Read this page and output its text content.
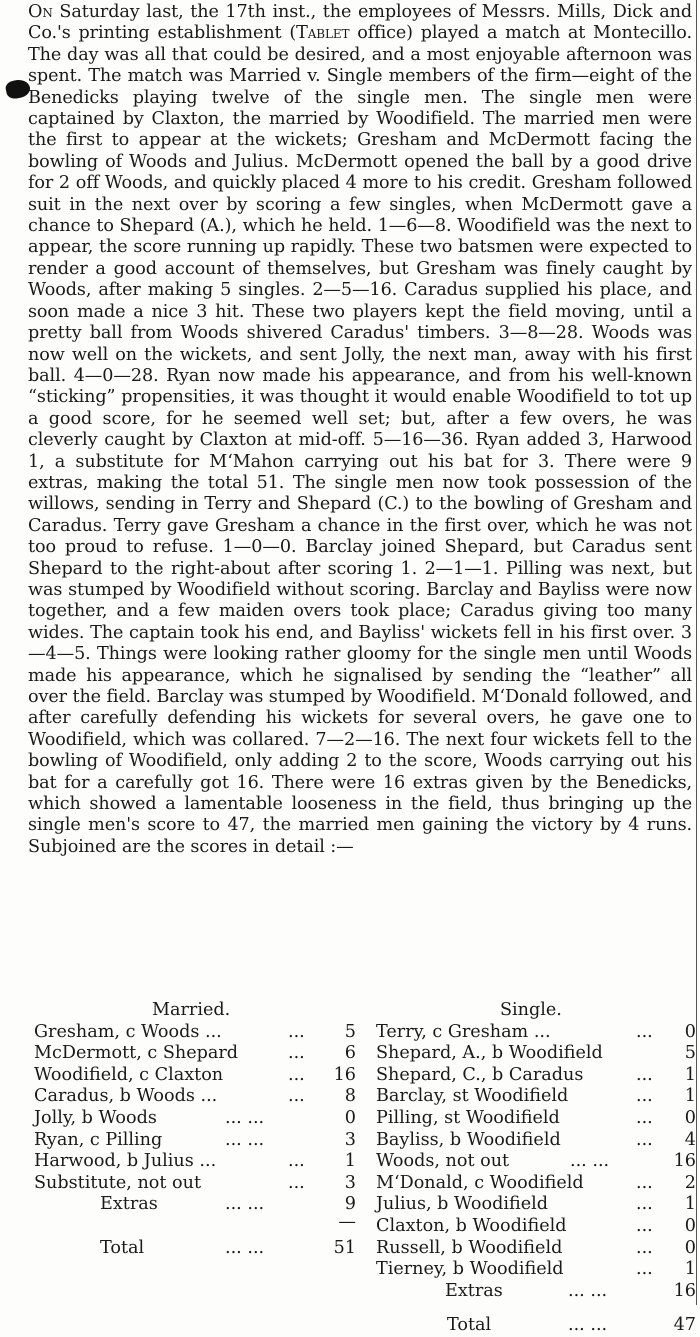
On Saturday last, the 17th inst., the employees of Messrs. Mills, Dick and Co.'s printing establishment (Tablet office) played a match at Montecillo. The day was all that could be desired, and a most enjoyable afternoon was spent. The match was Married v. Single members of the firm—eight of the Benedicks playing twelve of the single men. The single men were captained by Claxton, the married by Woodifield. The married men were the first to appear at the wickets; Gresham and McDermott facing the bowling of Woods and Julius. McDermott opened the ball by a good drive for 2 off Woods, and quickly placed 4 more to his credit. Gresham followed suit in the next over by scoring a few singles, when McDermott gave a chance to Shepard (A.), which he held. 1—6—8. Woodifield was the next to appear, the score running up rapidly. These two batsmen were expected to render a good account of themselves, but Gresham was finely caught by Woods, after making 5 singles. 2—5—16. Caradus supplied his place, and soon made a nice 3 hit. These two players kept the field moving, until a pretty ball from Woods shivered Caradus' timbers. 3—8—28. Woods was now well on the wickets, and sent Jolly, the next man, away with his first ball. 4—0—28. Ryan now made his appearance, and from his well-known “sticking” propensities, it was thought it would enable Woodifield to tot up a good score, for he seemed well set; but, after a few overs, he was cleverly caught by Claxton at mid-off. 5—16—36. Ryan added 3, Harwood 1, a substitute for M‘Mahon carrying out his bat for 3. There were 9 extras, making the total 51. The single men now took possession of the willows, sending in Terry and Shepard (C.) to the bowling of Gresham and Caradus. Terry gave Gresham a chance in the first over, which he was not too proud to refuse. 1—0—0. Barclay joined Shepard, but Caradus sent Shepard to the right-about after scoring 1. 2—1—1. Pilling was next, but was stumped by Woodifield without scoring. Barclay and Bayliss were now together, and a few maiden overs took place; Caradus giving too many wides. The captain took his end, and Bayliss' wickets fell in his first over. 3—4—5. Things were looking rather gloomy for the single men until Woods made his appearance, which he signalised by sending the “leather” all over the field. Barclay was stumped by Woodifield. M‘Donald followed, and after carefully defending his wickets for several overs, he gave one to Woodifield, which was collared. 7—2—16. The next four wickets fell to the bowling of Woodifield, only adding 2 to the score, Woods carrying out his bat for a carefully got 16. There were 16 extras given by the Benedicks, which showed a lamentable looseness in the field, thus bringing up the single men's score to 47, the married men gaining the victory by 4 runs. Subjoined are the scores in detail :—

Married.	Single.
Gresham, c Woods ...	...	5
McDermott, c Shepard	...	6
Woodifield, c Claxton	...	16
Caradus, b Woods ...	...	8
Jolly, b Woods	... ...	0
Ryan, c Pilling	... ...	3
Harwood, b Julius ...	...	1
Substitute, not out	...	3
Extras	... ...	9
—
Total	... ...	51
Terry, c Gresham ...	...	0
Shepard, A., b Woodifield	5
Shepard, C., b Caradus	...	1
Barclay, st Woodifield	...	1
Pilling, st Woodifield	...	0
Bayliss, b Woodifield	...	4
Woods, not out	... ...	16
M‘Donald, c Woodifield	...	2
Julius, b Woodifield	...	1
Claxton, b Woodifield	...	0
Russell, b Woodifield	...	0
Tierney, b Woodifield	...	1
Extras	... ...	16
Total	... ...	47
